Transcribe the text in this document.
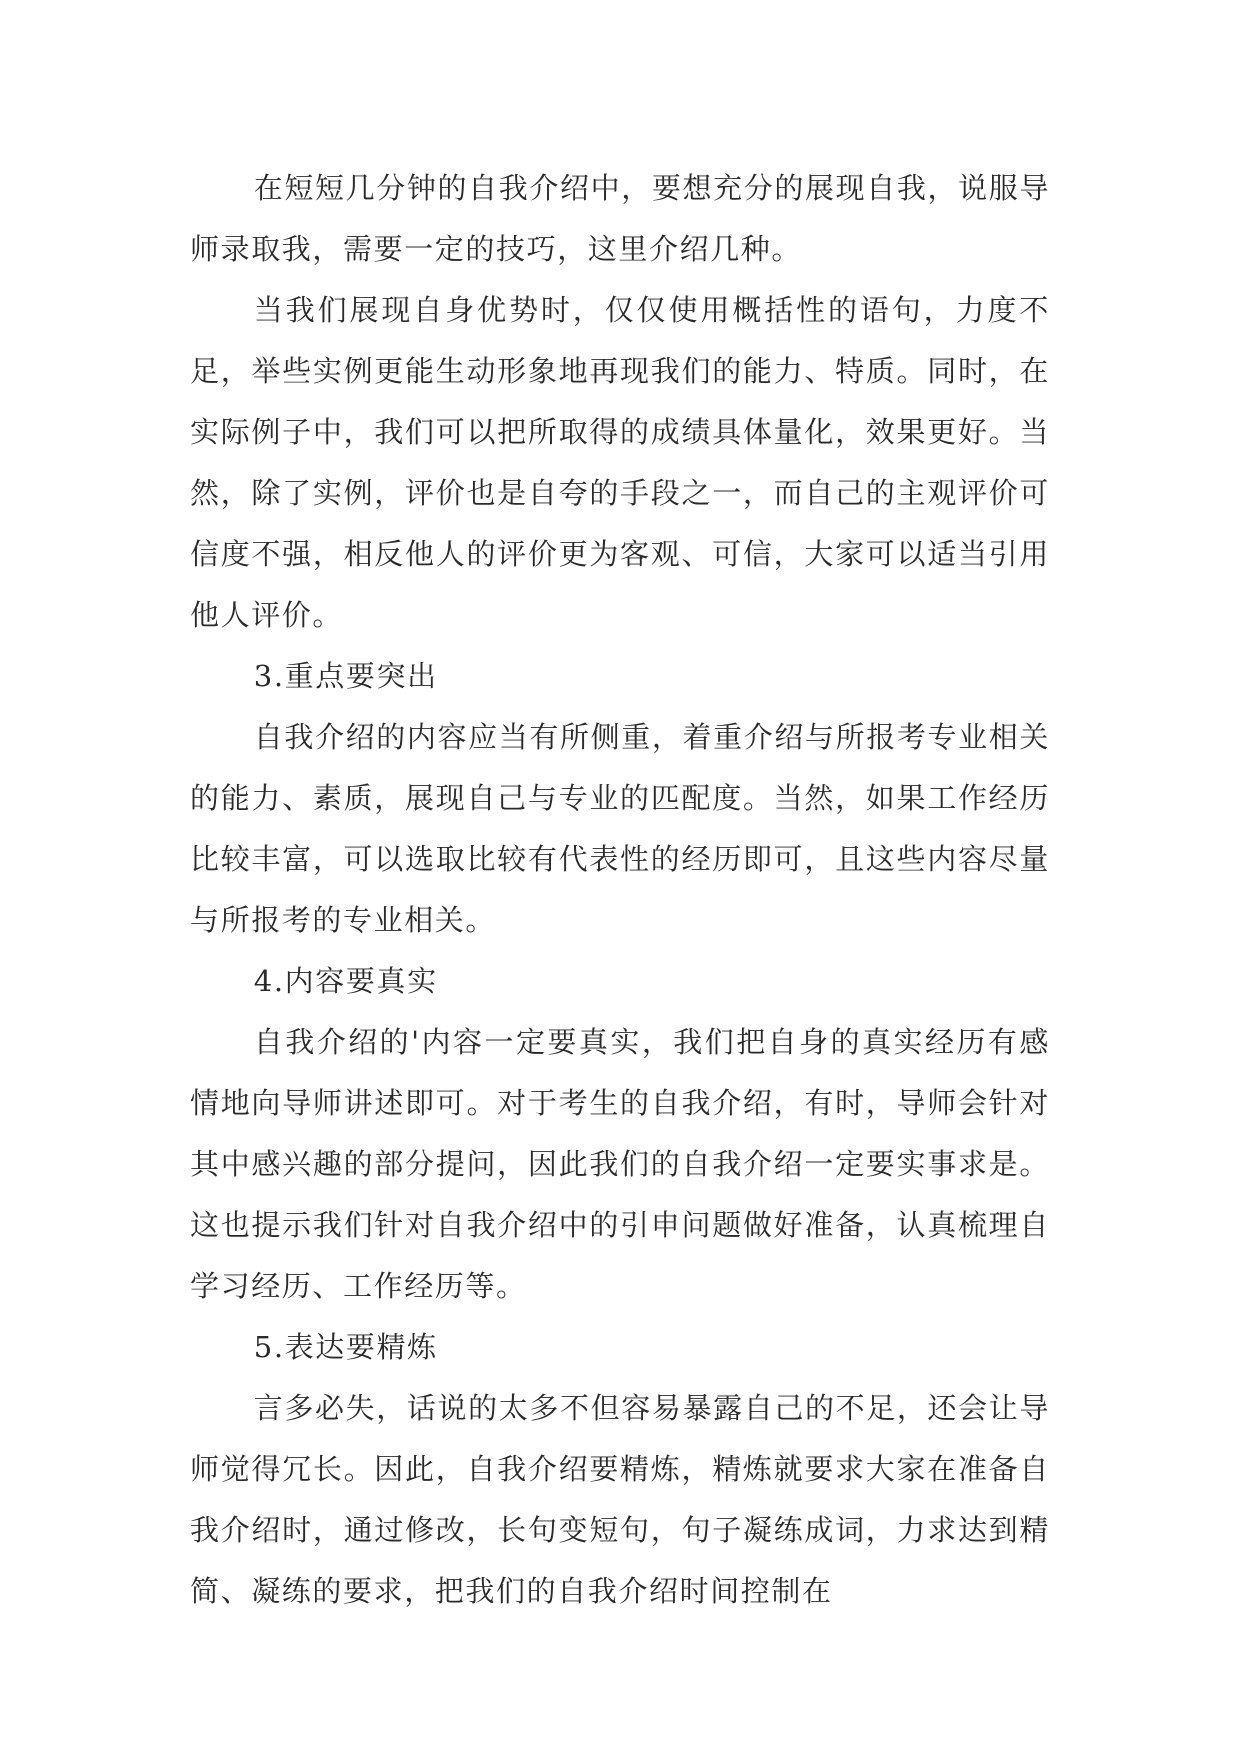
在短短几分钟的自我介绍中，要想充分的展现自我，说服导师录取我，需要一定的技巧，这里介绍几种。

当我们展现自身优势时，仅仅使用概括性的语句，力度不足，举些实例更能生动形象地再现我们的能力、特质。同时，在实际例子中，我们可以把所取得的成绩具体量化，效果更好。当然，除了实例，评价也是自夸的手段之一，而自己的主观评价可信度不强，相反他人的评价更为客观、可信，大家可以适当引用他人评价。

3.重点要突出

自我介绍的内容应当有所侧重，着重介绍与所报考专业相关的能力、素质，展现自己与专业的匹配度。当然，如果工作经历比较丰富，可以选取比较有代表性的经历即可，且这些内容尽量与所报考的专业相关。

4.内容要真实

自我介绍的'内容一定要真实，我们把自身的真实经历有感情地向导师讲述即可。对于考生的自我介绍，有时，导师会针对其中感兴趣的部分提问，因此我们的自我介绍一定要实事求是。这也提示我们针对自我介绍中的引申问题做好准备，认真梳理自学习经历、工作经历等。

5.表达要精炼

言多必失，话说的太多不但容易暴露自己的不足，还会让导师觉得冗长。因此，自我介绍要精炼，精炼就要求大家在准备自我介绍时，通过修改，长句变短句，句子凝练成词，力求达到精简、凝练的要求，把我们的自我介绍时间控制在
